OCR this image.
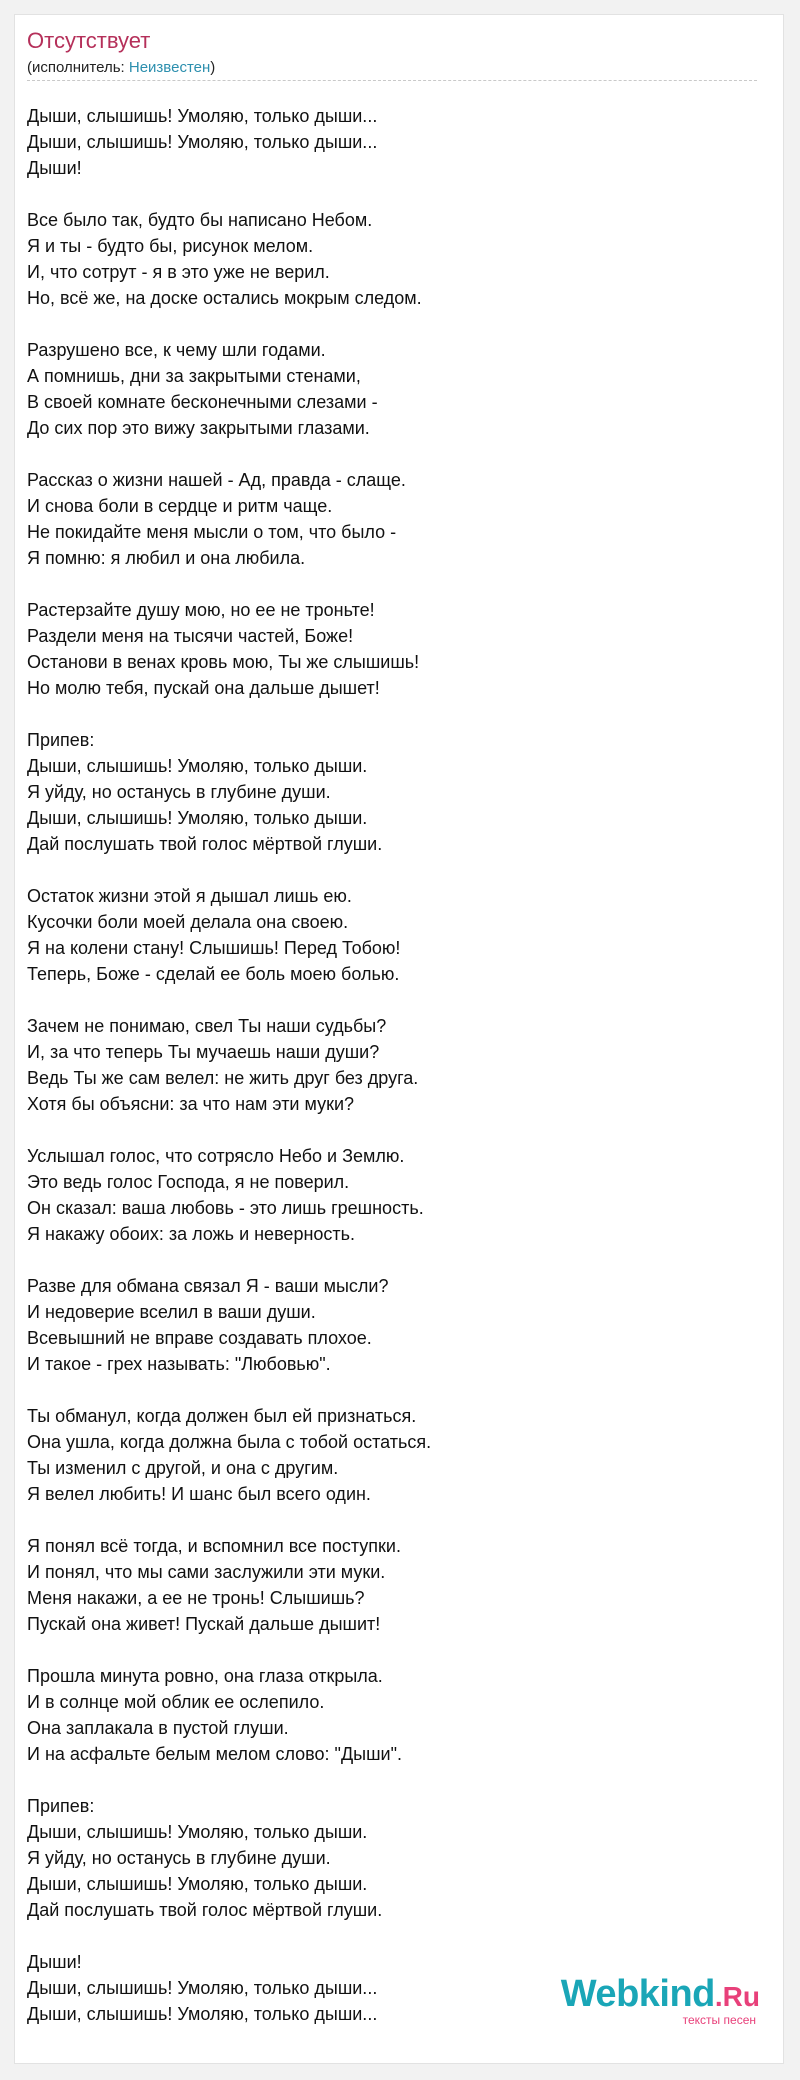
Отсутствует
(исполнитель: Неизвестен)
Дыши, слышишь! Умоляю, только дыши...
Дыши, слышишь! Умоляю, только дыши...
Дыши!
Все было так, будто бы написано Небом.
Я и ты - будто бы, рисунок мелом.
И, что сотрут - я в это уже не верил.
Но, всё же, на доске остались мокрым следом.
Разрушено все, к чему шли годами.
А помнишь, дни за закрытыми стенами,
В своей комнате бесконечными слезами -
До сих пор это вижу закрытыми глазами.
Рассказ о жизни нашей - Ад, правда - слаще.
И снова боли в сердце и ритм чаще.
Не покидайте меня мысли о том, что было -
Я помню: я любил и она любила.
Растерзайте душу мою, но ее не троньте!
Раздели меня на тысячи частей, Боже!
Останови в венах кровь мою, Ты же слышишь!
Но молю тебя, пускай она дальше дышет!
Припев:
Дыши, слышишь! Умоляю, только дыши.
Я уйду, но останусь в глубине души.
Дыши, слышишь! Умоляю, только дыши.
Дай послушать твой голос мёртвой глуши.
Остаток жизни этой я дышал лишь ею.
Кусочки боли моей делала она своею.
Я на колени стану! Слышишь! Перед Тобою!
Теперь, Боже - сделай ее боль моею болью.
Зачем не понимаю, свел Ты наши судьбы?
И, за что теперь Ты мучаешь наши души?
Ведь Ты же сам велел: не жить друг без друга.
Хотя бы объясни: за что нам эти муки?
Услышал голос, что сотрясло Небо и Землю.
Это ведь голос Господа, я не поверил.
Он сказал: ваша любовь - это лишь грешность.
Я накажу обоих: за ложь и неверность.
Разве для обмана связал Я - ваши мысли?
И недоверие вселил в ваши души.
Всевышний не вправе создавать плохое.
И такое - грех называть: "Любовью".
Ты обманул, когда должен был ей признаться.
Она ушла, когда должна была с тобой остаться.
Ты изменил с другой, и она с другим.
Я велел любить! И шанс был всего один.
Я понял всё тогда, и вспомнил все поступки.
И понял, что мы сами заслужили эти муки.
Меня накажи, а ее не тронь! Слышишь?
Пускай она живет! Пускай дальше дышит!
Прошла минута ровно, она глаза открыла.
И в солнце мой облик ее ослепило.
Она заплакала в пустой глуши.
И на асфальте белым мелом слово: "Дыши".
Припев:
Дыши, слышишь! Умоляю, только дыши.
Я уйду, но останусь в глубине души.
Дыши, слышишь! Умоляю, только дыши.
Дай послушать твой голос мёртвой глуши.
Дыши!
Дыши, слышишь! Умоляю, только дыши...
Дыши, слышишь! Умоляю, только дыши...	Webkind.Ru
тексты песен
